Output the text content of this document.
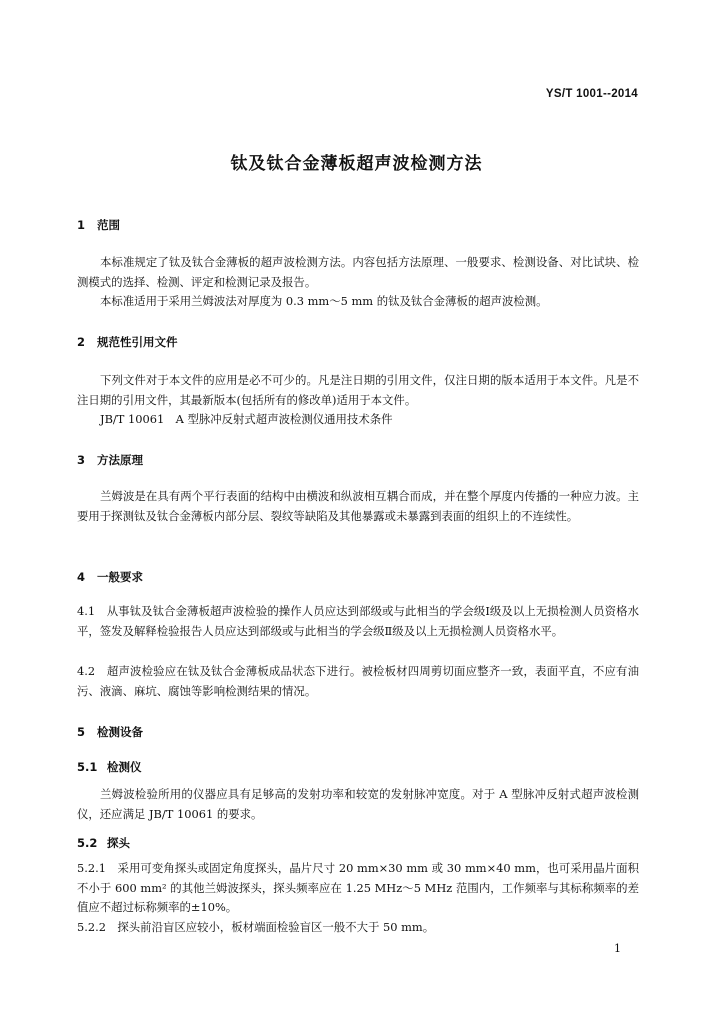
YS/T 1001--2014
钛及钛合金薄板超声波检测方法
1 范围
本标准规定了钛及钛合金薄板的超声波检测方法。内容包括方法原理、一般要求、检测设备、对比试块、检测模式的选择、检测、评定和检测记录及报告。
本标准适用于采用兰姆波法对厚度为 0.3 mm～5 mm 的钛及钛合金薄板的超声波检测。
2 规范性引用文件
下列文件对于本文件的应用是必不可少的。凡是注日期的引用文件，仅注日期的版本适用于本文件。凡是不注日期的引用文件，其最新版本(包括所有的修改单)适用于本文件。
JB/T 10061　A 型脉冲反射式超声波检测仪通用技术条件
3 方法原理
兰姆波是在具有两个平行表面的结构中由横波和纵波相互耦合而成，并在整个厚度内传播的一种应力波。主要用于探测钛及钛合金薄板内部分层、裂纹等缺陷及其他暴露或未暴露到表面的组织上的不连续性。
4 一般要求
4.1　 从事钛及钛合金薄板超声波检验的操作人员应达到部级或与此相当的学会级Ⅰ级及以上无损检测人员资格水平，签发及解释检验报告人员应达到部级或与此相当的学会级Ⅱ级及以上无损检测人员资格水平。
4.2　 超声波检验应在钛及钛合金薄板成品状态下进行。被检板材四周剪切面应整齐一致，表面平直，不应有油污、液滴、麻坑、腐蚀等影响检测结果的情况。
5 检测设备
5.1 检测仪
兰姆波检验所用的仪器应具有足够高的发射功率和较宽的发射脉冲宽度。对于 A 型脉冲反射式超声波检测仪，还应满足 JB/T 10061 的要求。
5.2 探头
5.2.1　 采用可变角探头或固定角度探头，晶片尺寸 20 mm×30 mm 或 30 mm×40 mm，也可采用晶片面积不小于 600 mm² 的其他兰姆波探头，探头频率应在 1.25 MHz～5 MHz 范围内，工作频率与其标称频率的差值应不超过标称频率的±10%。
5.2.2　 探头前沿盲区应较小，板材端面检验盲区一般不大于 50 mm。
1
